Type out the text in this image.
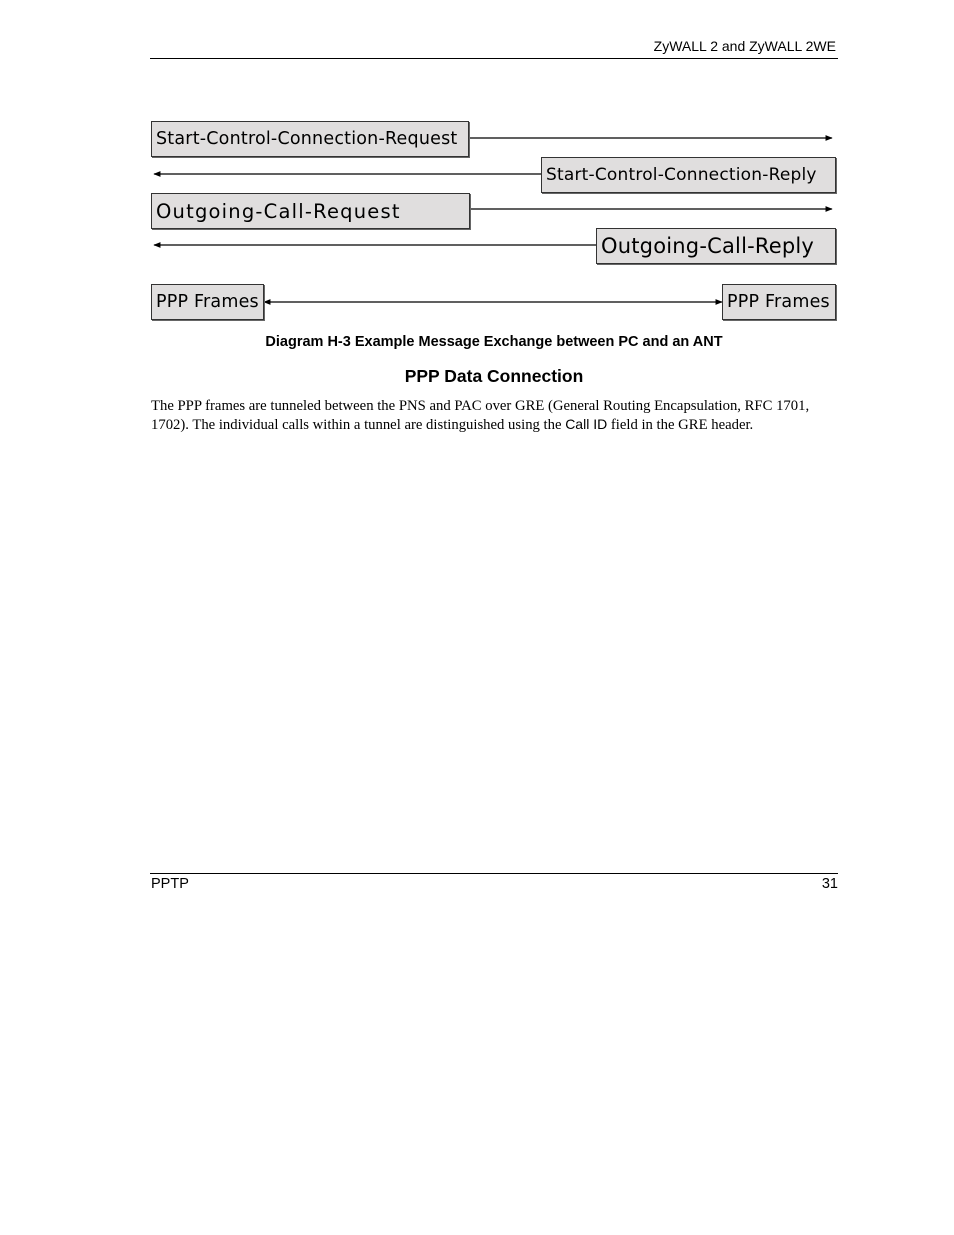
ZyWALL 2 and ZyWALL 2WE
Start-Control-Connection-Request
Start-Control-Connection-Reply
Outgoing-Call-Request
Outgoing-Call-Reply
PPP Frames	PPP Frames
Diagram H-3 Example Message Exchange between PC and an ANT
PPP Data Connection
The PPP frames are tunneled between the PNS and PAC over GRE (General Routing Encapsulation, RFC 1701, 1702). The individual calls within a tunnel are distinguished using the Call ID field in the GRE header.
PPTP	31
